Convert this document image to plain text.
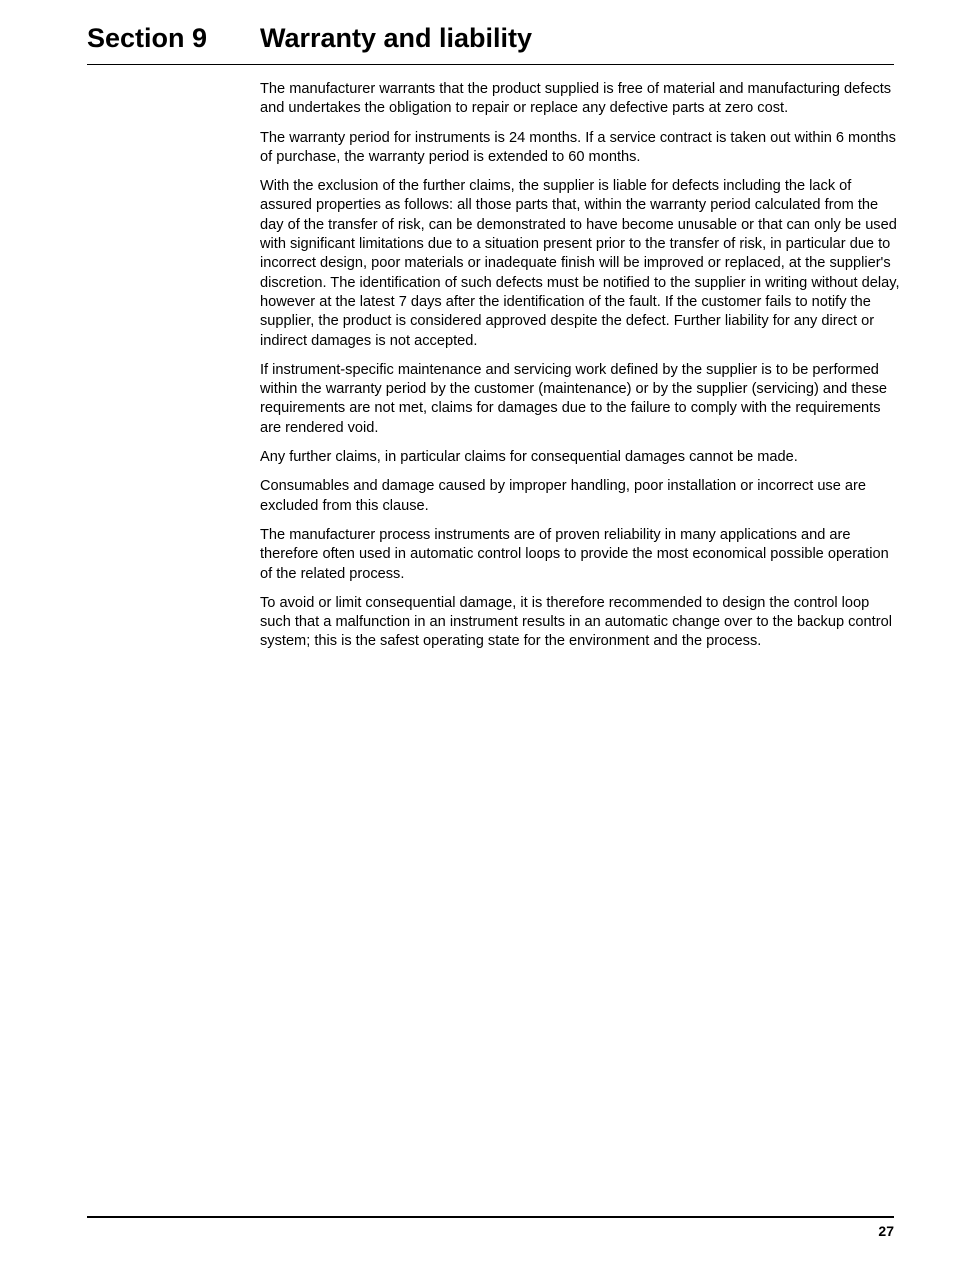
Section 9 Warranty and liability

The manufacturer warrants that the product supplied is free of material and manufacturing defects and undertakes the obligation to repair or replace any defective parts at zero cost.

The warranty period for instruments is 24 months. If a service contract is taken out within 6 months of purchase, the warranty period is extended to 60 months.

With the exclusion of the further claims, the supplier is liable for defects including the lack of assured properties as follows: all those parts that, within the warranty period calculated from the day of the transfer of risk, can be demonstrated to have become unusable or that can only be used with significant limitations due to a situation present prior to the transfer of risk, in particular due to incorrect design, poor materials or inadequate finish will be improved or replaced, at the supplier's discretion. The identification of such defects must be notified to the supplier in writing without delay, however at the latest 7 days after the identification of the fault. If the customer fails to notify the supplier, the product is considered approved despite the defect. Further liability for any direct or indirect damages is not accepted.

If instrument-specific maintenance and servicing work defined by the supplier is to be performed within the warranty period by the customer (maintenance) or by the supplier (servicing) and these requirements are not met, claims for damages due to the failure to comply with the requirements are rendered void.

Any further claims, in particular claims for consequential damages cannot be made.

Consumables and damage caused by improper handling, poor installation or incorrect use are excluded from this clause.

The manufacturer process instruments are of proven reliability in many applications and are therefore often used in automatic control loops to provide the most economical possible operation of the related process.

To avoid or limit consequential damage, it is therefore recommended to design the control loop such that a malfunction in an instrument results in an automatic change over to the backup control system; this is the safest operating state for the environment and the process.

27
